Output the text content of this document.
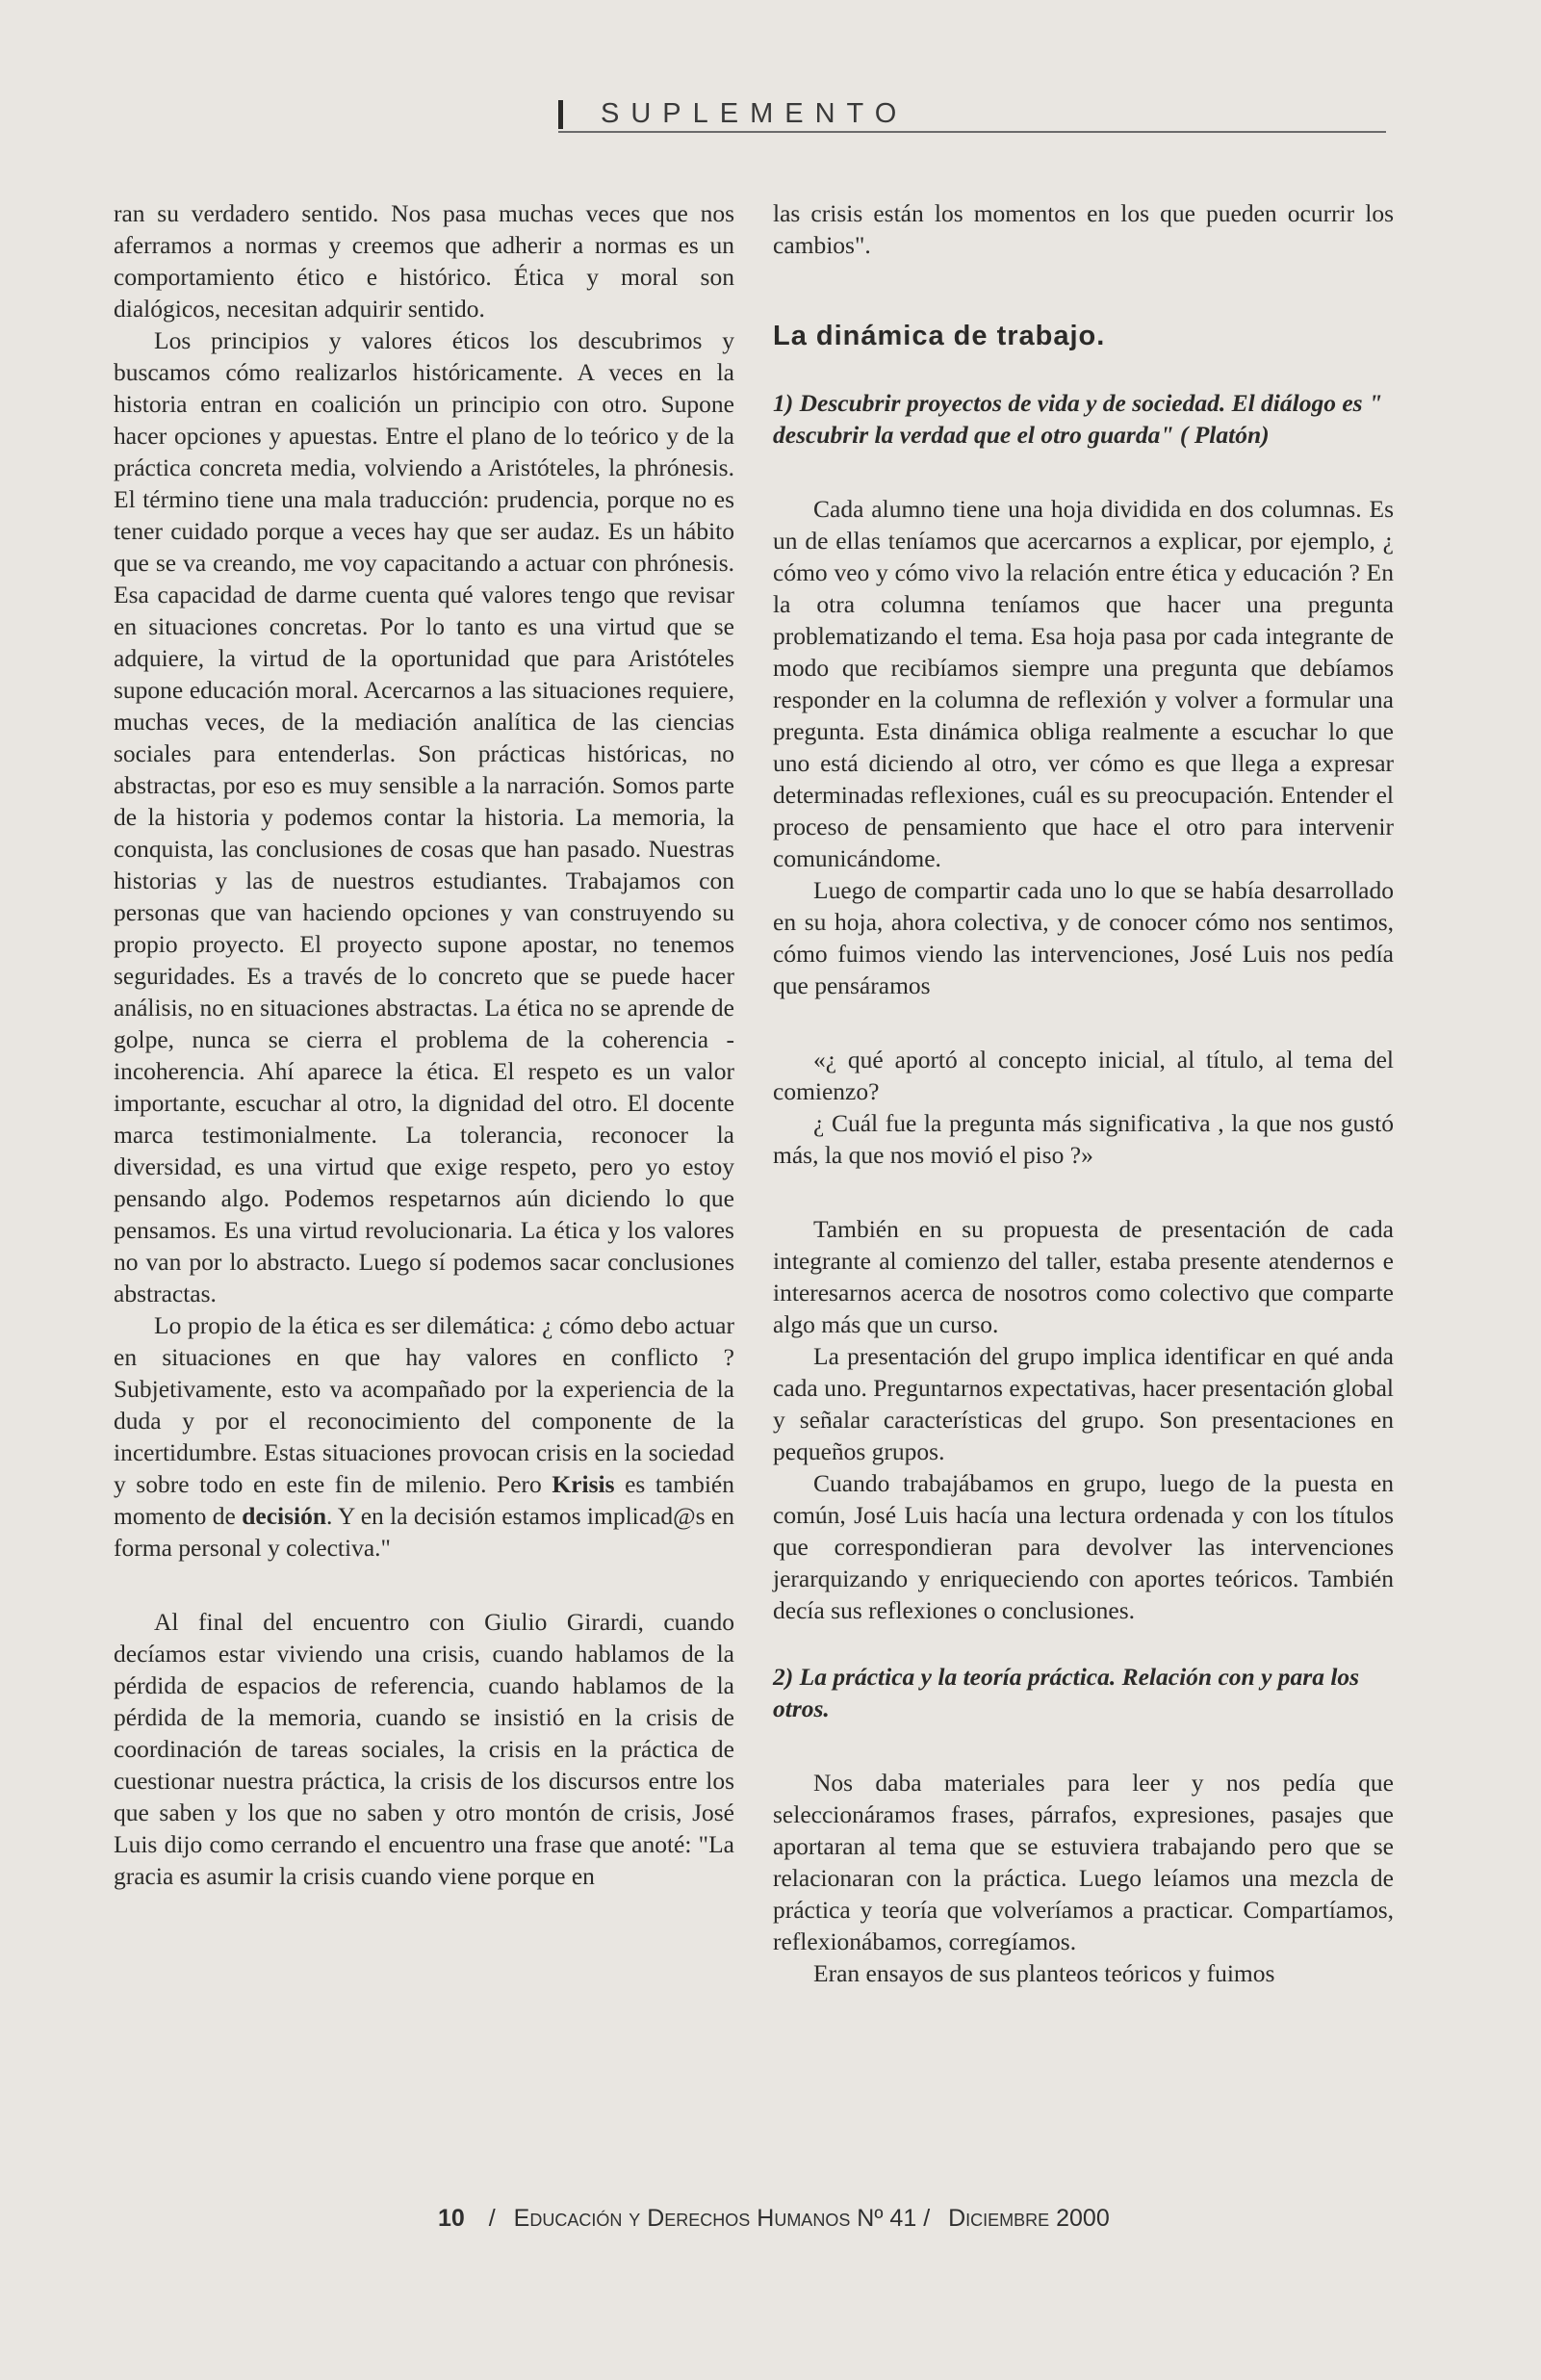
SUPLEMENTO

ran su verdadero sentido. Nos pasa muchas veces que nos aferramos a normas y creemos que adherir a normas es un comportamiento ético e histórico. Ética y moral son dialógicos, necesitan adquirir sentido.

Los principios y valores éticos los descubrimos y buscamos cómo realizarlos históricamente. A veces en la historia entran en coalición un principio con otro. Supone hacer opciones y apuestas. Entre el plano de lo teórico y de la práctica concreta media, volviendo a Aristóteles, la phrónesis. El término tiene una mala traducción: prudencia, porque no es tener cuidado porque a veces hay que ser audaz. Es un hábito que se va creando, me voy capacitando a actuar con phrónesis. Esa capacidad de darme cuenta qué valores tengo que revisar en situaciones concretas. Por lo tanto es una virtud que se adquiere, la virtud de la oportunidad que para Aristóteles supone educación moral. Acercarnos a las situaciones requiere, muchas veces, de la mediación analítica de las ciencias sociales para entenderlas. Son prácticas históricas, no abstractas, por eso es muy sensible a la narración. Somos parte de la historia y podemos contar la historia. La memoria, la conquista, las conclusiones de cosas que han pasado. Nuestras historias y las de nuestros estudiantes. Trabajamos con personas que van haciendo opciones y van construyendo su propio proyecto. El proyecto supone apostar, no tenemos seguridades. Es a través de lo concreto que se puede hacer análisis, no en situaciones abstractas. La ética no se aprende de golpe, nunca se cierra el problema de la coherencia - incoherencia. Ahí aparece la ética. El respeto es un valor importante, escuchar al otro, la dignidad del otro. El docente marca testimonialmente. La tolerancia, reconocer la diversidad, es una virtud que exige respeto, pero yo estoy pensando algo. Podemos respetarnos aún diciendo lo que pensamos. Es una virtud revolucionaria. La ética y los valores no van por lo abstracto. Luego sí podemos sacar conclusiones abstractas.

Lo propio de la ética es ser dilemática: ¿ cómo debo actuar en situaciones en que hay valores en conflicto ? Subjetivamente, esto va acompañado por la experiencia de la duda y por el reconocimiento del componente de la incertidumbre. Estas situaciones provocan crisis en la sociedad y sobre todo en este fin de milenio. Pero Krisis es también momento de decisión. Y en la decisión estamos implicad@s en forma personal y colectiva."

Al final del encuentro con Giulio Girardi, cuando decíamos estar viviendo una crisis, cuando hablamos de la pérdida de espacios de referencia, cuando hablamos de la pérdida de la memoria, cuando se insistió en la crisis de coordinación de tareas sociales, la crisis en la práctica de cuestionar nuestra práctica, la crisis de los discursos entre los que saben y los que no saben y otro montón de crisis, José Luis dijo como cerrando el encuentro una frase que anoté: "La gracia es asumir la crisis cuando viene porque en

las crisis están los momentos en los que pueden ocurrir los cambios".

La dinámica de trabajo.

1) Descubrir proyectos de vida y de sociedad. El diálogo es " descubrir la verdad que el otro guarda" ( Platón)

Cada alumno tiene una hoja dividida en dos columnas. Es un de ellas teníamos que acercarnos a explicar, por ejemplo, ¿ cómo veo y cómo vivo la relación entre ética y educación ? En la otra columna teníamos que hacer una pregunta problematizando el tema. Esa hoja pasa por cada integrante de modo que recibíamos siempre una pregunta que debíamos responder en la columna de reflexión y volver a formular una pregunta. Esta dinámica obliga realmente a escuchar lo que uno está diciendo al otro, ver cómo es que llega a expresar determinadas reflexiones, cuál es su preocupación. Entender el proceso de pensamiento que hace el otro para intervenir comunicándome.

Luego de compartir cada uno lo que se había desarrollado en su hoja, ahora colectiva, y de conocer cómo nos sentimos, cómo fuimos viendo las intervenciones, José Luis nos pedía que pensáramos

«¿ qué aportó al concepto inicial, al título, al tema del comienzo?

¿ Cuál fue la pregunta más significativa , la que nos gustó más, la que nos movió el piso ?»

También en su propuesta de presentación de cada integrante al comienzo del taller, estaba presente atendernos e interesarnos acerca de nosotros como colectivo que comparte algo más que un curso.

La presentación del grupo implica identificar en qué anda cada uno. Preguntarnos expectativas, hacer presentación global y señalar características del grupo. Son presentaciones en pequeños grupos.

Cuando trabajábamos en grupo, luego de la puesta en común, José Luis hacía una lectura ordenada y con los títulos que correspondieran para devolver las intervenciones jerarquizando y enriqueciendo con aportes teóricos. También decía sus reflexiones o conclusiones.

2) La práctica y la teoría práctica. Relación con y para los otros.

Nos daba materiales para leer y nos pedía que seleccionáramos frases, párrafos, expresiones, pasajes que aportaran al tema que se estuviera trabajando pero que se relacionaran con la práctica. Luego leíamos una mezcla de práctica y teoría que volveríamos a practicar. Compartíamos, reflexionábamos, corregíamos.

Eran ensayos de sus planteos teóricos y fuimos

10 / Educación y Derechos Humanos Nº 41 / Diciembre 2000
